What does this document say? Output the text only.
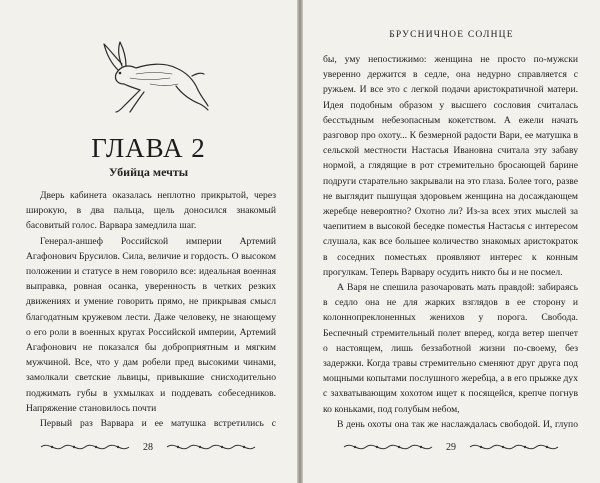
ГЛАВА 2
Убийца мечты

Дверь кабинета оказалась неплотно прикрытой, через широкую, в два пальца, щель доносился знакомый басовитый голос. Варвара замедлила шаг.

Генерал-аншеф Российской империи Артемий Агафонович Брусилов. Сила, величие и гордость. О высоком положении и статусе в нем говорило все: идеальная военная выправка, ровная осанка, уверенность в четких резких движениях и умение говорить прямо, не прикрывая смысл благодатным кружевом лести. Даже человеку, не знающему о его роли в военных кругах Российской империи, Артемий Агафонович не показался бы доброприятным и мягким мужчиной. Все, что у дам робели пред высокими чинами, замолкали светские львицы, привыкшие снисходительно поджимать губы в ухмылках и поддевать собеседников. Напряжение становилось почти

Первый раз Варвара и ее матушка встретились с

28
БРУСНИЧНОЕ СОЛНЦЕ

бы, уму непостижимо: женщина не просто по-мужски уверенно держится в седле, она недурно справляется с ружьем. И все это с легкой подачи аристократичной матери. Идея подобным образом у высшего сословия считалась бесстыдным небезопасным кокетством. А ежели начать разговор про охоту... К безмерной радости Вари, ее матушка в сельской местности Настасья Ивановна считала эту забаву нормой, а глядящие в рот стремительно бросающей барине подруги старательно закрывали на это глаза. Более того, разве не выглядит пышущая здоровьем женщина на досаждающем жеребце невероятно? Охотно ли? Из-за всех этих мыслей за чаепитием в высокой беседке поместья Настасья с интересом слушала, как все большее количество знакомых аристократок в соседних поместьях проявляют интерес к конным прогулкам. Теперь Варвару осудить никто бы и не посмел.

А Варя не спешила разочаровать мать правдой: забираясь в седло она не для жарких взглядов в ее сторону и колоннопреклоненных женихов у порога. Свобода. Беспечный стремительный полет вперед, когда ветер шепчет о настоящем, лишь беззаботной жизни по-своему, без задержки. Когда травы стремительно сменяют друг друга под мощными копытами послушного жеребца, а в его прыжке дух с захватывающим хохотом ищет к посящейся, крепче погнув ко коньками, под голубым небом,

В день охоты она так же наслаждалась свободой. И, глупо

29
